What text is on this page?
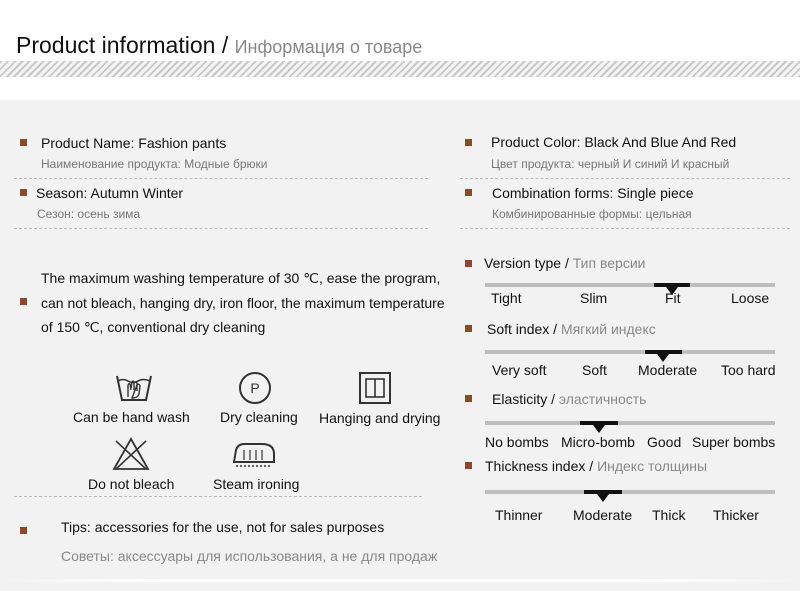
Product information / Информация о товаре
Product Name: Fashion pants
Наименование продукта: Модные брюки
Season: Autumn Winter
Сезон: осень зима
Product Color: Black And Blue And Red
Цвет продукта: черный И синий И красный
Combination forms: Single piece
Комбинированные формы: цельная
The maximum washing temperature of 30 ℃, ease the program, can not bleach, hanging dry, iron floor, the maximum temperature of 150 ℃, conventional dry cleaning
Can be hand wash
P
Dry cleaning Hanging and drying
Do not bleach	Steam ironing
Tips: accessories for the use, not for sales purposes
Советы: аксессуары для использования, а не для продаж
Version type / Тип версии
Tight	Slim	Fit	Loose
Soft index / Мягкий индекс
Very soft	Soft Moderate Too hard
Elasticity / эластичность
No bombs Micro-bomb Good Super bombs
Thickness index / Индекс толщины
Thinner Moderate Thick Thicker
